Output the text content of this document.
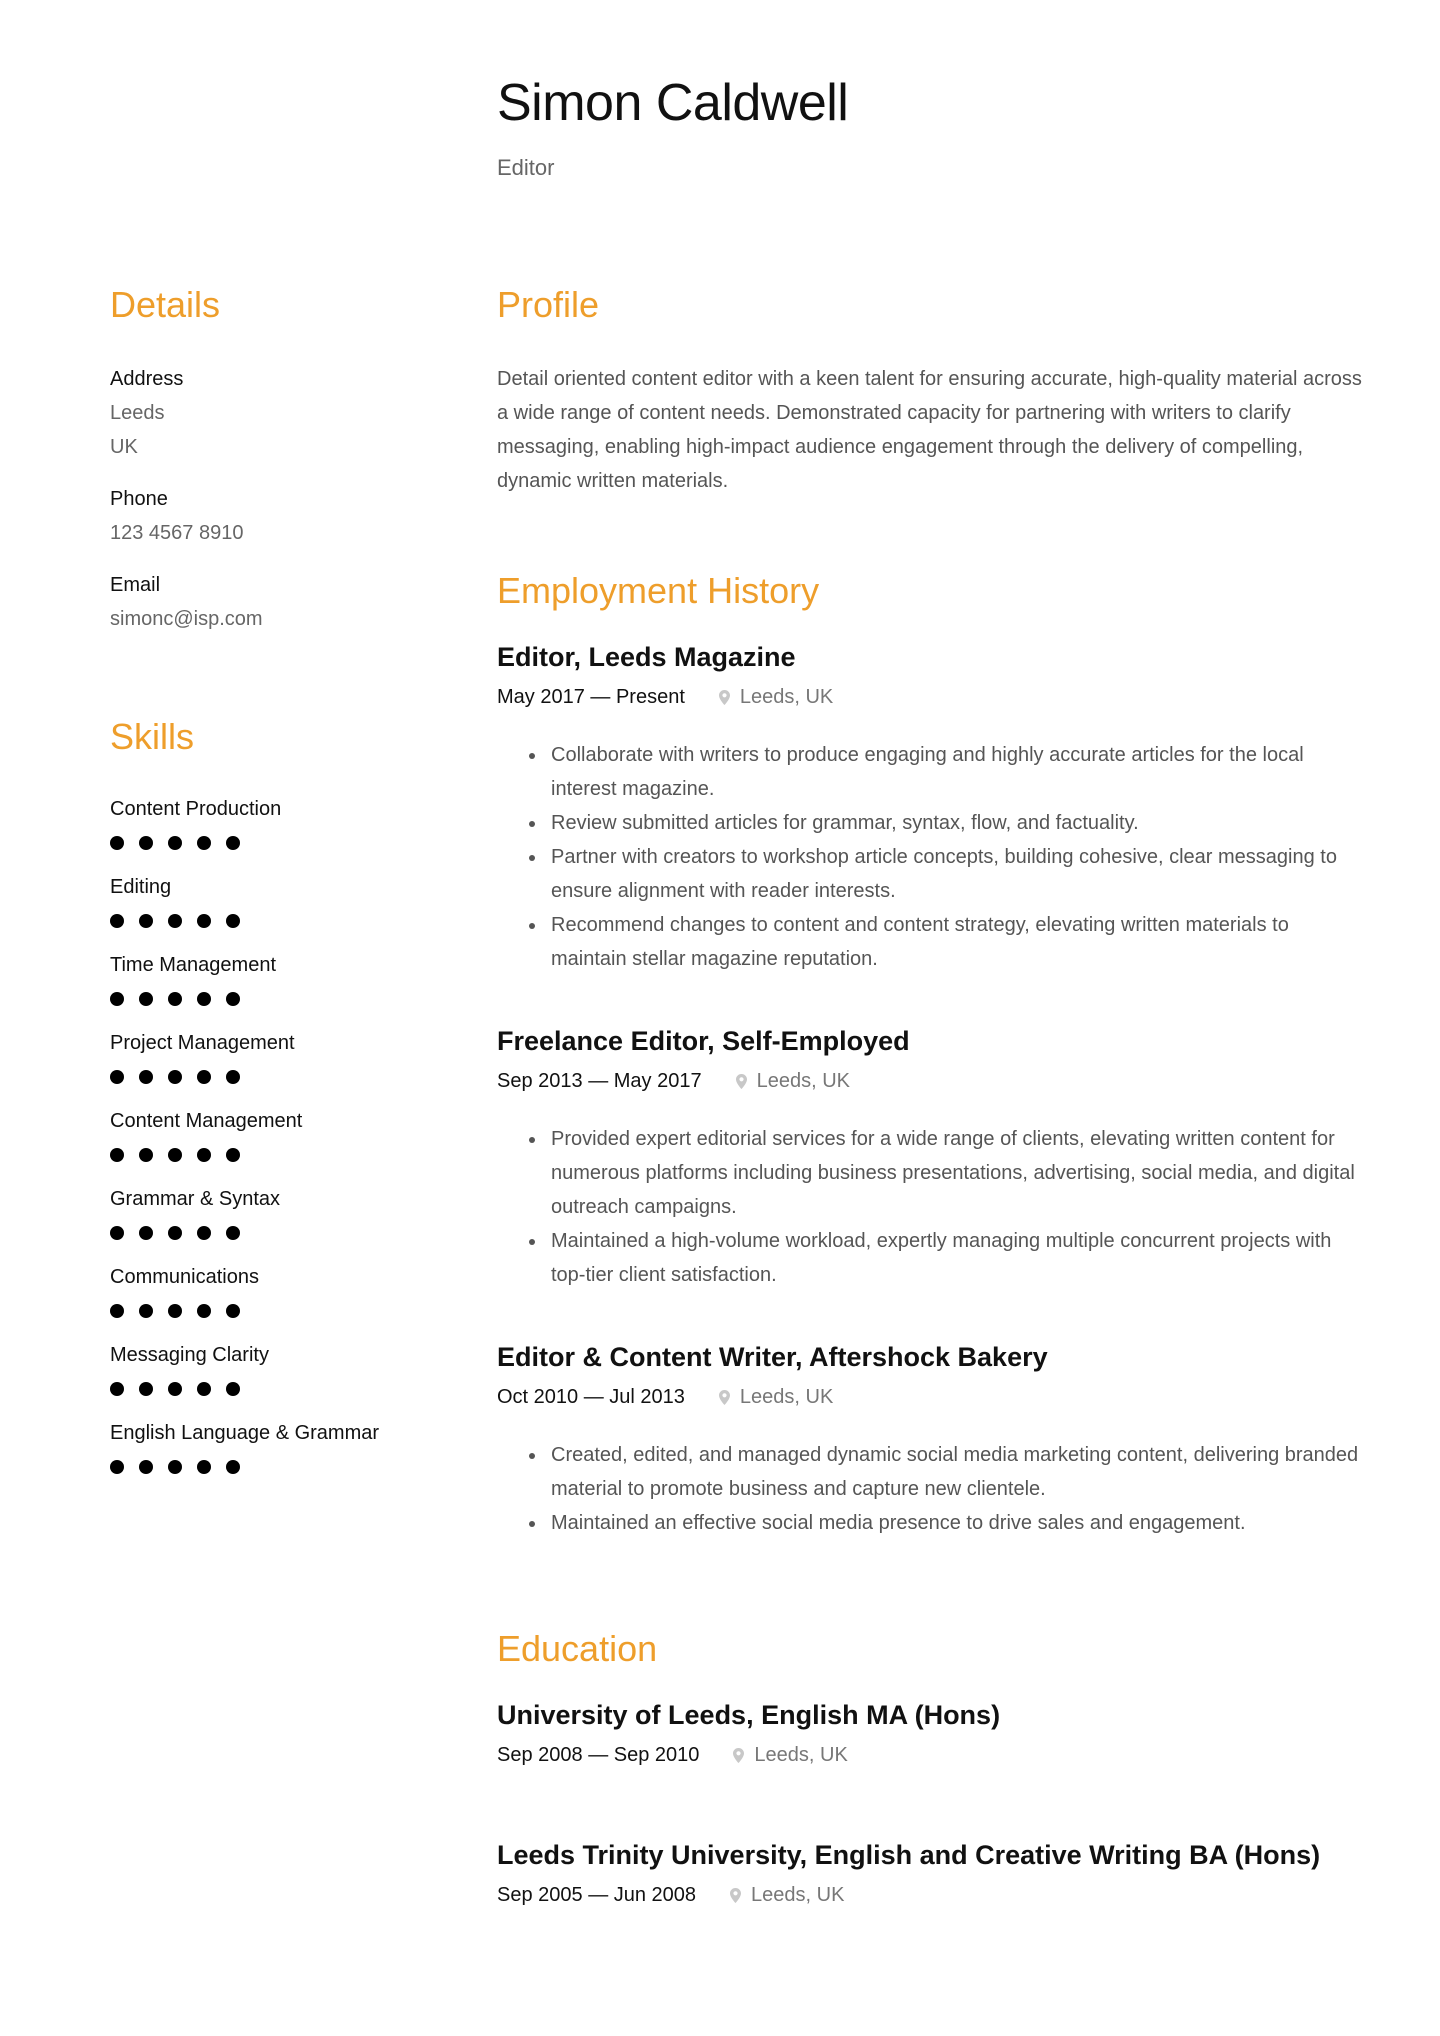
Simon Caldwell
Editor
Details
Address
Leeds
UK
Phone
123 4567 8910
Email
simonc@isp.com
Skills
Content Production
Editing
Time Management
Project Management
Content Management
Grammar & Syntax
Communications
Messaging Clarity
English Language & Grammar
Profile

Detail oriented content editor with a keen talent for ensuring accurate, high-quality material across a wide range of content needs. Demonstrated capacity for partnering with writers to clarify messaging, enabling high-impact audience engagement through the delivery of compelling, dynamic written materials.

Employment History
Editor, Leeds Magazine
May 2017 — Present	Leeds, UK
Collaborate with writers to produce engaging and highly accurate articles for the local interest magazine.
Review submitted articles for grammar, syntax, flow, and factuality.
Partner with creators to workshop article concepts, building cohesive, clear messaging to ensure alignment with reader interests.
Recommend changes to content and content strategy, elevating written materials to maintain stellar magazine reputation.
Freelance Editor, Self-Employed
Sep 2013 — May 2017	Leeds, UK
Provided expert editorial services for a wide range of clients, elevating written content for numerous platforms including business presentations, advertising, social media, and digital outreach campaigns.
Maintained a high-volume workload, expertly managing multiple concurrent projects with top-tier client satisfaction.
Editor & Content Writer, Aftershock Bakery
Oct 2010 — Jul 2013	Leeds, UK
Created, edited, and managed dynamic social media marketing content, delivering branded material to promote business and capture new clientele.
Maintained an effective social media presence to drive sales and engagement.
Education
University of Leeds, English MA (Hons)
Sep 2008 — Sep 2010	Leeds, UK
Leeds Trinity University, English and Creative Writing BA (Hons)
Sep 2005 — Jun 2008	Leeds, UK
